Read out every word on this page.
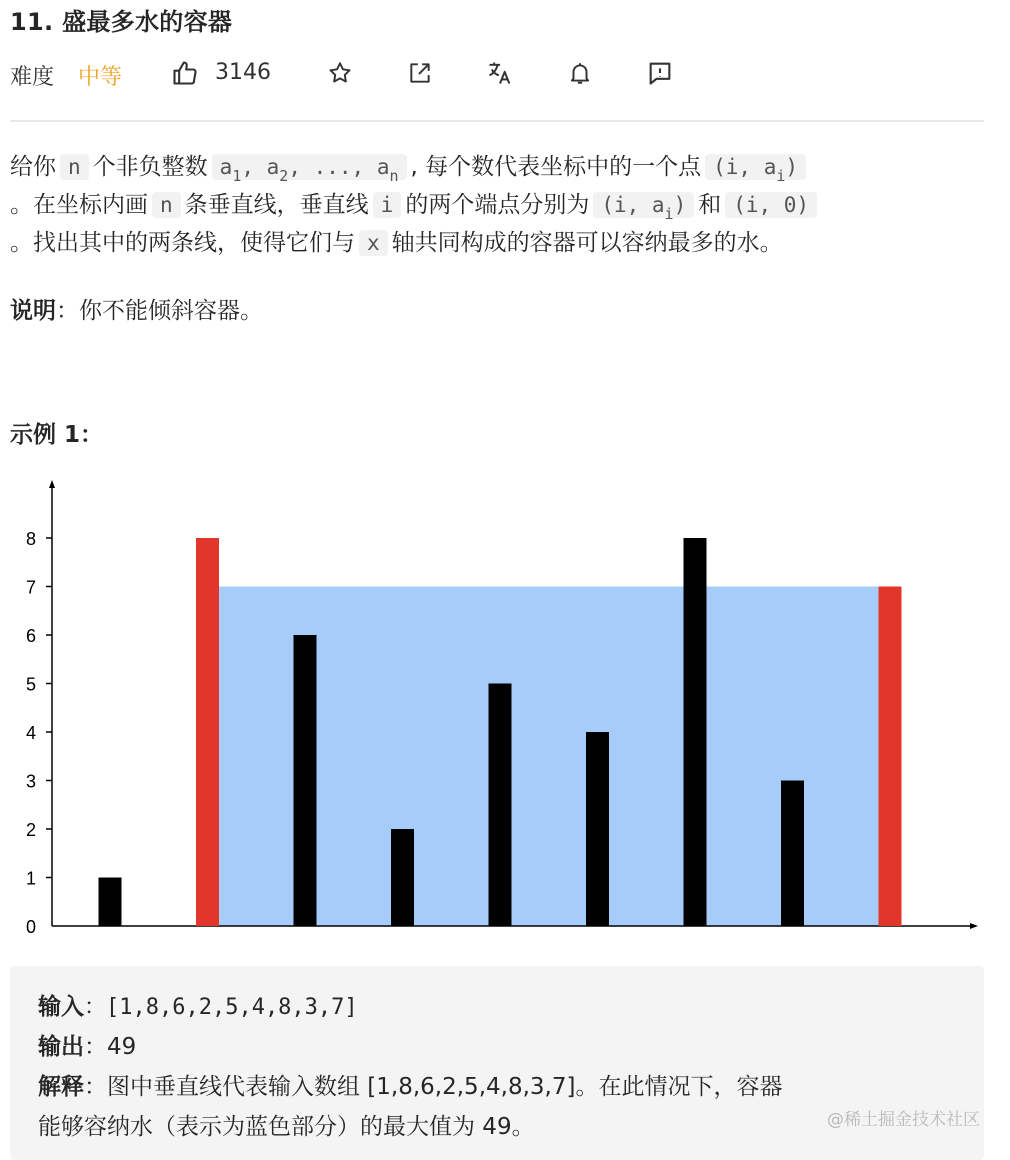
11. 盛最多水的容器
难度 中等	3146
给你 n 个非负整数 $a_1$, $a_2$, ..., $a_n$ , 每个数代表坐标中的一个点 (i, $a_i$)
。在坐标内画 n 条垂直线，垂直线 i 的两个端点分别为 (i, $a_i$) 和 (i, 0)
。找出其中的两条线，使得它们与 x 轴共同构成的容器可以容纳最多的水。
说明：你不能倾斜容器。
示例 1：
0
1
2
3
4
5
6
7
8
输入：[1,8,6,2,5,4,8,3,7]
输出：49
解释：图中垂直线代表输入数组 [1,8,6,2,5,4,8,3,7]。在此情况下，容器
能够容纳水（表示为蓝色部分）的最大值为 49。	@稀土掘金技术社区
